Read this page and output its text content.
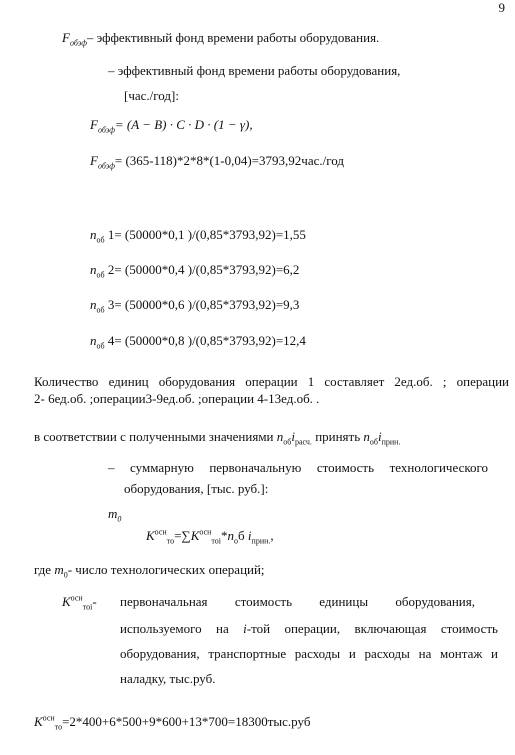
9
$F_{обэф}-$ эффективный фонд времени работы оборудования.
– эффективный фонд времени работы оборудования,
[час./год]:
$F_{обэф}= (A - B) \cdot C \cdot D \cdot (1 - \gamma)$,
$F_{обэф}= (365-118)*2*8*(1-0,04)=3793,92час./год$
$n_{об}$ 1= (50000*0,1 )/(0,85*3793,92)=1,55
$n_{об}$ 2= (50000*0,4 )/(0,85*3793,92)=6,2
$n_{об}$ 3= (50000*0,6 )/(0,85*3793,92)=9,3
$n_{об}$ 4= (50000*0,8 )/(0,85*3793,92)=12,4
Количество единиц оборудования операции 1 составляет 2ед.об. ; операции
2- 6ед.об. ;операции3-9ед.об. ;операции 4-13ед.об. .
в соответствии с полученными значениями $n_{об}i_{расч.}$ принять $n_{об}i_{прин.}$
– суммарную первоначальную стоимость технологического
оборудования, [тыс. руб.]:
$m_0$
$K^{осн}_{то}=\sum K^{осн}_{тоi}*n_об$ $i_{прин.}$,
где $m_0-$ число технологических операций;
$K^{осн}_{тоi}-$ первоначальная стоимость единицы оборудования,
используемого на i-той операции, включающая стоимость
оборудования, транспортные расходы и расходы на монтаж и
наладку, тыс.руб.
$K^{осн}_{то}=2*400+6*500+9*600+13*700=18300тыс.руб$
